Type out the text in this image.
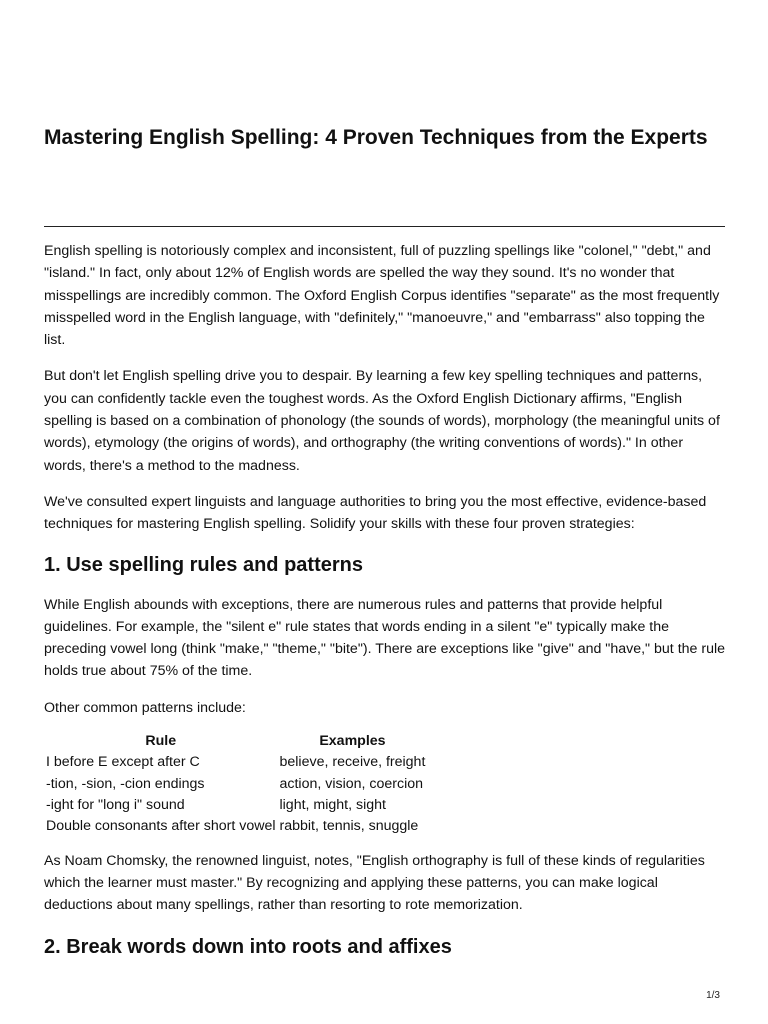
Mastering English Spelling: 4 Proven Techniques from the Experts

English spelling is notoriously complex and inconsistent, full of puzzling spellings like "colonel," "debt," and "island." In fact, only about 12% of English words are spelled the way they sound. It's no wonder that misspellings are incredibly common. The Oxford English Corpus identifies "separate" as the most frequently misspelled word in the English language, with "definitely," "manoeuvre," and "embarrass" also topping the list.

But don't let English spelling drive you to despair. By learning a few key spelling techniques and patterns, you can confidently tackle even the toughest words. As the Oxford English Dictionary affirms, "English spelling is based on a combination of phonology (the sounds of words), morphology (the meaningful units of words), etymology (the origins of words), and orthography (the writing conventions of words)." In other words, there's a method to the madness.

We've consulted expert linguists and language authorities to bring you the most effective, evidence-based techniques for mastering English spelling. Solidify your skills with these four proven strategies:

1. Use spelling rules and patterns

While English abounds with exceptions, there are numerous rules and patterns that provide helpful guidelines. For example, the "silent e" rule states that words ending in a silent "e" typically make the preceding vowel long (think "make," "theme," "bite"). There are exceptions like "give" and "have," but the rule holds true about 75% of the time.

Other common patterns include:

Rule	Examples
I before E except after C	believe, receive, freight
-tion, -sion, -cion endings	action, vision, coercion
-ight for "long i" sound	light, might, sight
Double consonants after short vowel	rabbit, tennis, snuggle

As Noam Chomsky, the renowned linguist, notes, "English orthography is full of these kinds of regularities which the learner must master." By recognizing and applying these patterns, you can make logical deductions about many spellings, rather than resorting to rote memorization.

2. Break words down into roots and affixes
1/3
